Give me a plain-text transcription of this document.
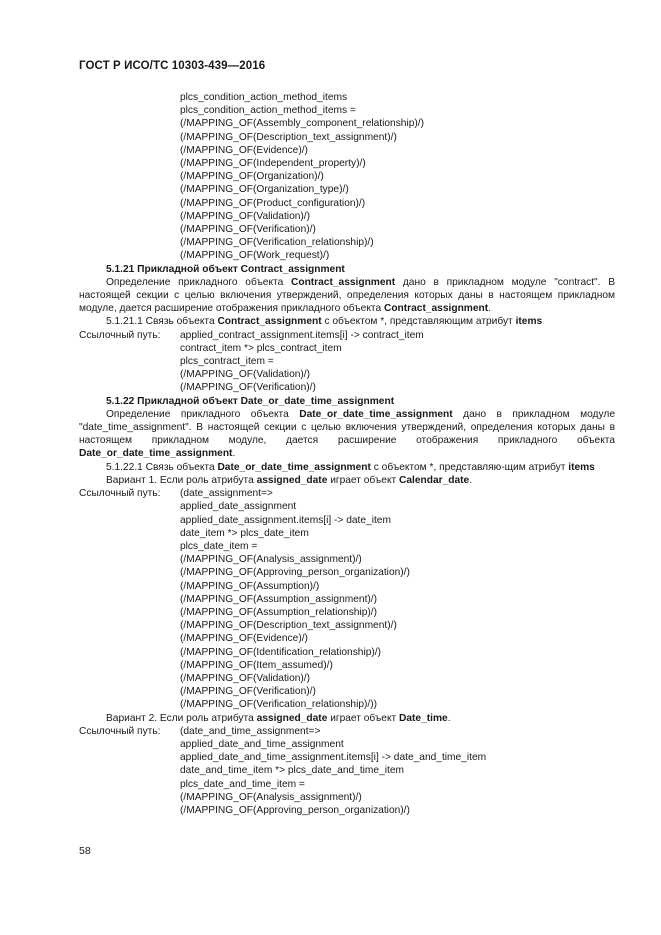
ГОСТ Р ИСО/ТС 10303-439—2016
plcs_condition_action_method_items
plcs_condition_action_method_items =
(/MAPPING_OF(Assembly_component_relationship)/)
(/MAPPING_OF(Description_text_assignment)/)
(/MAPPING_OF(Evidence)/)
(/MAPPING_OF(Independent_property)/)
(/MAPPING_OF(Organization)/)
(/MAPPING_OF(Organization_type)/)
(/MAPPING_OF(Product_configuration)/)
(/MAPPING_OF(Validation)/)
(/MAPPING_OF(Verification)/)
(/MAPPING_OF(Verification_relationship)/)
(/MAPPING_OF(Work_request)/)
5.1.21 Прикладной объект Contract_assignment
Определение прикладного объекта Contract_assignment дано в прикладном модуле "contract". В настоящей секции с целью включения утверждений, определения которых даны в настоящем прикладном модуле, дается расширение отображения прикладного объекта Contract_assignment.
5.1.21.1 Связь объекта Contract_assignment с объектом *, представляющим атрибут items
Ссылочный путь:	applied_contract_assignment.items[i] -> contract_item
contract_item *> plcs_contract_item
plcs_contract_item =
(/MAPPING_OF(Validation)/)
(/MAPPING_OF(Verification)/)
5.1.22 Прикладной объект Date_or_date_time_assignment
Определение прикладного объекта Date_or_date_time_assignment дано в прикладном модуле "date_time_assignment". В настоящей секции с целью включения утверждений, определения которых даны в настоящем прикладном модуле, дается расширение отображения прикладного объекта Date_or_date_time_assignment.
5.1.22.1 Связь объекта Date_or_date_time_assignment с объектом *, представляю-щим атрибут items
Вариант 1. Если роль атрибута assigned_date играет объект Calendar_date.
Ссылочный путь:	(date_assignment=>
applied_date_assignment
applied_date_assignment.items[i] -> date_item
date_item *> plcs_date_item
plcs_date_item =
(/MAPPING_OF(Analysis_assignment)/)
(/MAPPING_OF(Approving_person_organization)/)
(/MAPPING_OF(Assumption)/)
(/MAPPING_OF(Assumption_assignment)/)
(/MAPPING_OF(Assumption_relationship)/)
(/MAPPING_OF(Description_text_assignment)/)
(/MAPPING_OF(Evidence)/)
(/MAPPING_OF(Identification_relationship)/)
(/MAPPING_OF(Item_assumed)/)
(/MAPPING_OF(Validation)/)
(/MAPPING_OF(Verification)/)
(/MAPPING_OF(Verification_relationship)/))
Вариант 2. Если роль атрибута assigned_date играет объект Date_time.
Ссылочный путь:	(date_and_time_assignment=>
applied_date_and_time_assignment
applied_date_and_time_assignment.items[i] -> date_and_time_item
date_and_time_item *> plcs_date_and_time_item
plcs_date_and_time_item =
(/MAPPING_OF(Analysis_assignment)/)
(/MAPPING_OF(Approving_person_organization)/)
58
